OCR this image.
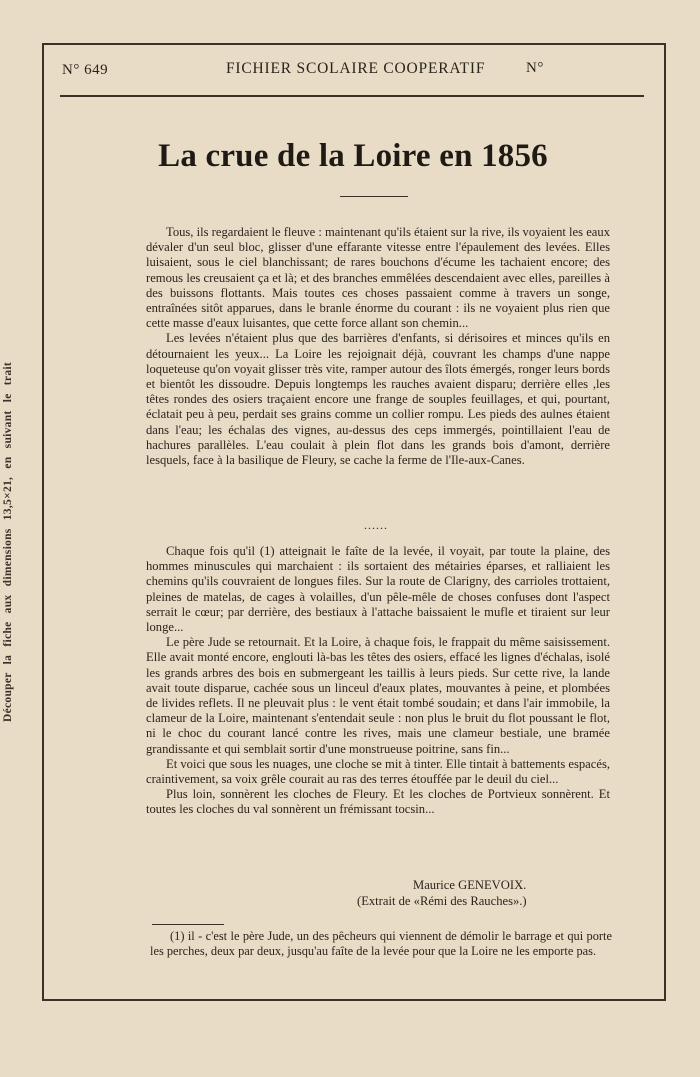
N° 649	FICHIER SCOLAIRE COOPERATIF	N°
Découper la fiche aux dimensions 13,5×21, en suivant le trait
La crue de la Loire en 1856

Tous, ils regardaient le fleuve : maintenant qu'ils étaient sur la rive, ils voyaient les eaux dévaler d'un seul bloc, glisser d'une effarante vitesse entre l'épaulement des levées. Elles luisaient, sous le ciel blanchissant; de rares bouchons d'écume les tachaient encore; des remous les creusaient ça et là; et des branches emmêlées descendaient avec elles, pareilles à des buissons flottants. Mais toutes ces choses passaient comme à travers un songe, entraînées sitôt apparues, dans le branle énorme du courant : ils ne voyaient plus rien que cette masse d'eaux luisantes, que cette force allant son chemin...

Les levées n'étaient plus que des barrières d'enfants, si dérisoires et minces qu'ils en détournaient les yeux... La Loire les rejoignait déjà, couvrant les champs d'une nappe loqueteuse qu'on voyait glisser très vite, ramper autour des îlots émergés, ronger leurs bords et bientôt les dissoudre. Depuis longtemps les rauches avaient disparu; derrière elles ,les têtes rondes des osiers traçaient encore une frange de souples feuillages, et qui, pourtant, éclatait peu à peu, perdait ses grains comme un collier rompu. Les pieds des aulnes étaient dans l'eau; les échalas des vignes, au-dessus des ceps immergés, pointillaient l'eau de hachures parallèles. L'eau coulait à plein flot dans les grands bois d'amont, derrière lesquels, face à la basilique de Fleury, se cache la ferme de l'Ile-aux-Canes.

......

Chaque fois qu'il (1) atteignait le faîte de la levée, il voyait, par toute la plaine, des hommes minuscules qui marchaient : ils sortaient des métairies éparses, et ralliaient les chemins qu'ils couvraient de longues files. Sur la route de Clarigny, des carrioles trottaient, pleines de matelas, de cages à volailles, d'un pêle-mêle de choses confuses dont l'aspect serrait le cœur; par derrière, des bestiaux à l'attache baissaient le mufle et tiraient sur leur longe...

Le père Jude se retournait. Et la Loire, à chaque fois, le frappait du même saisissement. Elle avait monté encore, englouti là-bas les têtes des osiers, effacé les lignes d'échalas, isolé les grands arbres des bois en submergeant les taillis à leurs pieds. Sur cette rive, la lande avait toute disparue, cachée sous un linceul d'eaux plates, mouvantes à peine, et plombées de livides reflets. Il ne pleuvait plus : le vent était tombé soudain; et dans l'air immobile, la clameur de la Loire, maintenant s'entendait seule : non plus le bruit du flot poussant le flot, ni le choc du courant lancé contre les rives, mais une clameur bestiale, une bramée grandissante et qui semblait sortir d'une monstrueuse poitrine, sans fin...

Et voici que sous les nuages, une cloche se mit à tinter. Elle tintait à battements espacés, craintivement, sa voix grêle courait au ras des terres étouffée par le deuil du ciel...

Plus loin, sonnèrent les cloches de Fleury. Et les cloches de Portvieux sonnèrent. Et toutes les cloches du val sonnèrent un frémissant tocsin...

Maurice GENEVOIX.
(Extrait de «Rémi des Rauches».)

(1) il - c'est le père Jude, un des pêcheurs qui viennent de démolir le barrage et qui porte les perches, deux par deux, jusqu'au faîte de la levée pour que la Loire ne les emporte pas.
